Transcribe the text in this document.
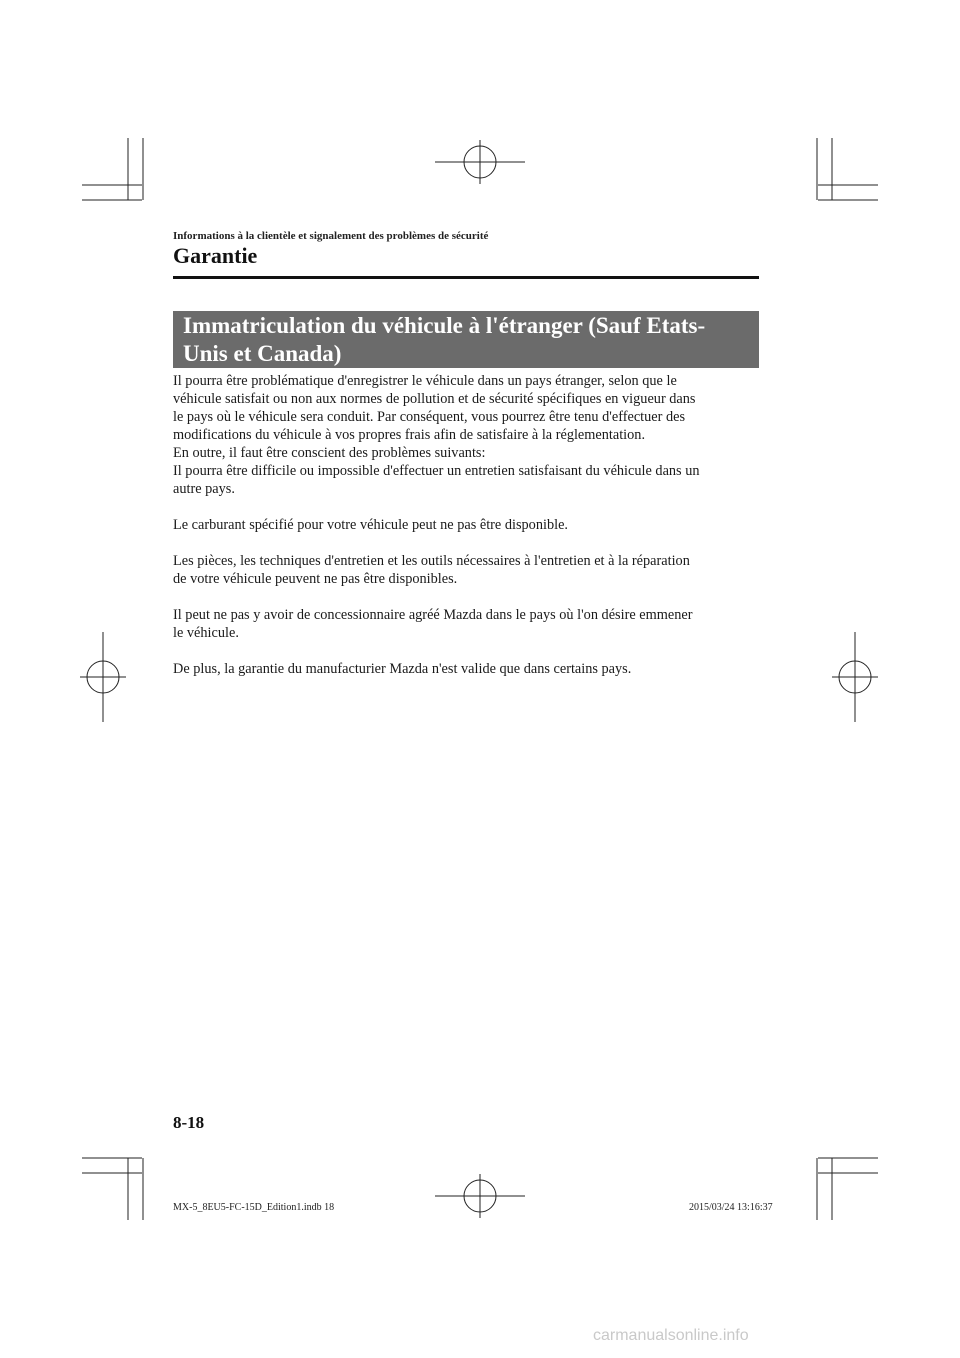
Informations à la clientèle et signalement des problèmes de sécurité
Garantie
Immatriculation du véhicule à l'étranger (Sauf Etats-
Unis et Canada)

Il pourra être problématique d'enregistrer le véhicule dans un pays étranger, selon que le
véhicule satisfait ou non aux normes de pollution et de sécurité spécifiques en vigueur dans
le pays où le véhicule sera conduit. Par conséquent, vous pourrez être tenu d'effectuer des
modifications du véhicule à vos propres frais afin de satisfaire à la réglementation.
En outre, il faut être conscient des problèmes suivants:
Il pourra être difficile ou impossible d'effectuer un entretien satisfaisant du véhicule dans un
autre pays.

Le carburant spécifié pour votre véhicule peut ne pas être disponible.

Les pièces, les techniques d'entretien et les outils nécessaires à l'entretien et à la réparation
de votre véhicule peuvent ne pas être disponibles.

Il peut ne pas y avoir de concessionnaire agréé Mazda dans le pays où l'on désire emmener
le véhicule.

De plus, la garantie du manufacturier Mazda n'est valide que dans certains pays.

8-18
MX-5_8EU5-FC-15D_Edition1.indb 18	2015/03/24 13:16:37
carmanualsonline.info
